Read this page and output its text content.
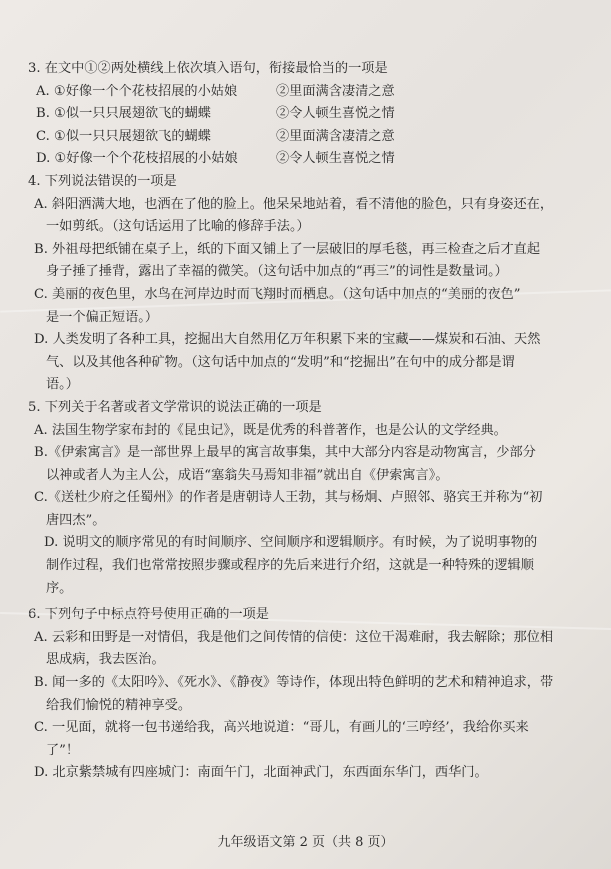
3. 在文中①②两处横线上依次填入语句，衔接最恰当的一项是
A. ①好像一个个花枝招展的小姑娘	②里面满含凄清之意
B. ①似一只只展翅欲飞的蝴蝶	②令人顿生喜悦之情
C. ①似一只只展翅欲飞的蝴蝶	②里面满含凄清之意
D. ①好像一个个花枝招展的小姑娘	②令人顿生喜悦之情
4. 下列说法错误的一项是
A. 斜阳洒满大地，也洒在了他的脸上。他呆呆地站着，看不清他的脸色，只有身姿还在，
一如剪纸。（这句话运用了比喻的修辞手法。）
B. 外祖母把纸铺在桌子上，纸的下面又铺上了一层破旧的厚毛毯，再三检查之后才直起
身子捶了捶背，露出了幸福的微笑。（这句话中加点的“再三”的词性是数量词。）
C. 美丽的夜色里，水鸟在河岸边时而飞翔时而栖息。（这句话中加点的“美丽的夜色”
是一个偏正短语。）
D. 人类发明了各种工具，挖掘出大自然用亿万年积累下来的宝藏——煤炭和石油、天然
气、以及其他各种矿物。（这句话中加点的“发明”和“挖掘出”在句中的成分都是谓
语。）
5. 下列关于名著或者文学常识的说法正确的一项是
A. 法国生物学家布封的《昆虫记》，既是优秀的科普著作，也是公认的文学经典。
B.《伊索寓言》是一部世界上最早的寓言故事集，其中大部分内容是动物寓言，少部分
以神或者人为主人公，成语“塞翁失马焉知非福”就出自《伊索寓言》。
C.《送杜少府之任蜀州》的作者是唐朝诗人王勃，其与杨炯、卢照邻、骆宾王并称为“初
唐四杰”。
D. 说明文的顺序常见的有时间顺序、空间顺序和逻辑顺序。有时候，为了说明事物的
制作过程，我们也常常按照步骤或程序的先后来进行介绍，这就是一种特殊的逻辑顺
序。
6. 下列句子中标点符号使用正确的一项是
A. 云彩和田野是一对情侣，我是他们之间传情的信使：这位干渴难耐，我去解除；那位相
思成病，我去医治。
B. 闻一多的《太阳吟》、《死水》、《静夜》等诗作，体现出特色鲜明的艺术和精神追求，带
给我们愉悦的精神享受。
C. 一见面，就将一包书递给我，高兴地说道：“哥儿，有画儿的‘三哼经’，我给你买来
了”！
D. 北京紫禁城有四座城门：南面午门，北面神武门，东西面东华门，西华门。
九年级语文第 2 页（共 8 页）
